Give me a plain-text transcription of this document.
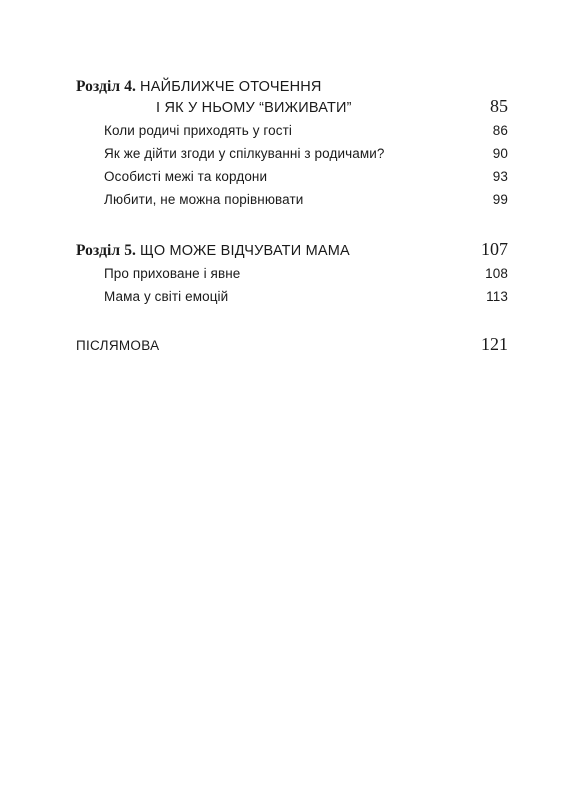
Розділ 4. НАЙБЛИЖЧЕ ОТОЧЕННЯ
І ЯК У НЬОМУ “ВИЖИВАТИ”	85
Коли родичі приходять у гості	86
Як же дійти згоди у спілкуванні з родичами?	90
Особисті межі та кордони	93
Любити, не можна порівнювати	99
Розділ 5. ЩО МОЖЕ ВІДЧУВАТИ МАМА	107
Про приховане і явне	108
Мама у світі емоцій	113
ПІСЛЯМОВА	121
